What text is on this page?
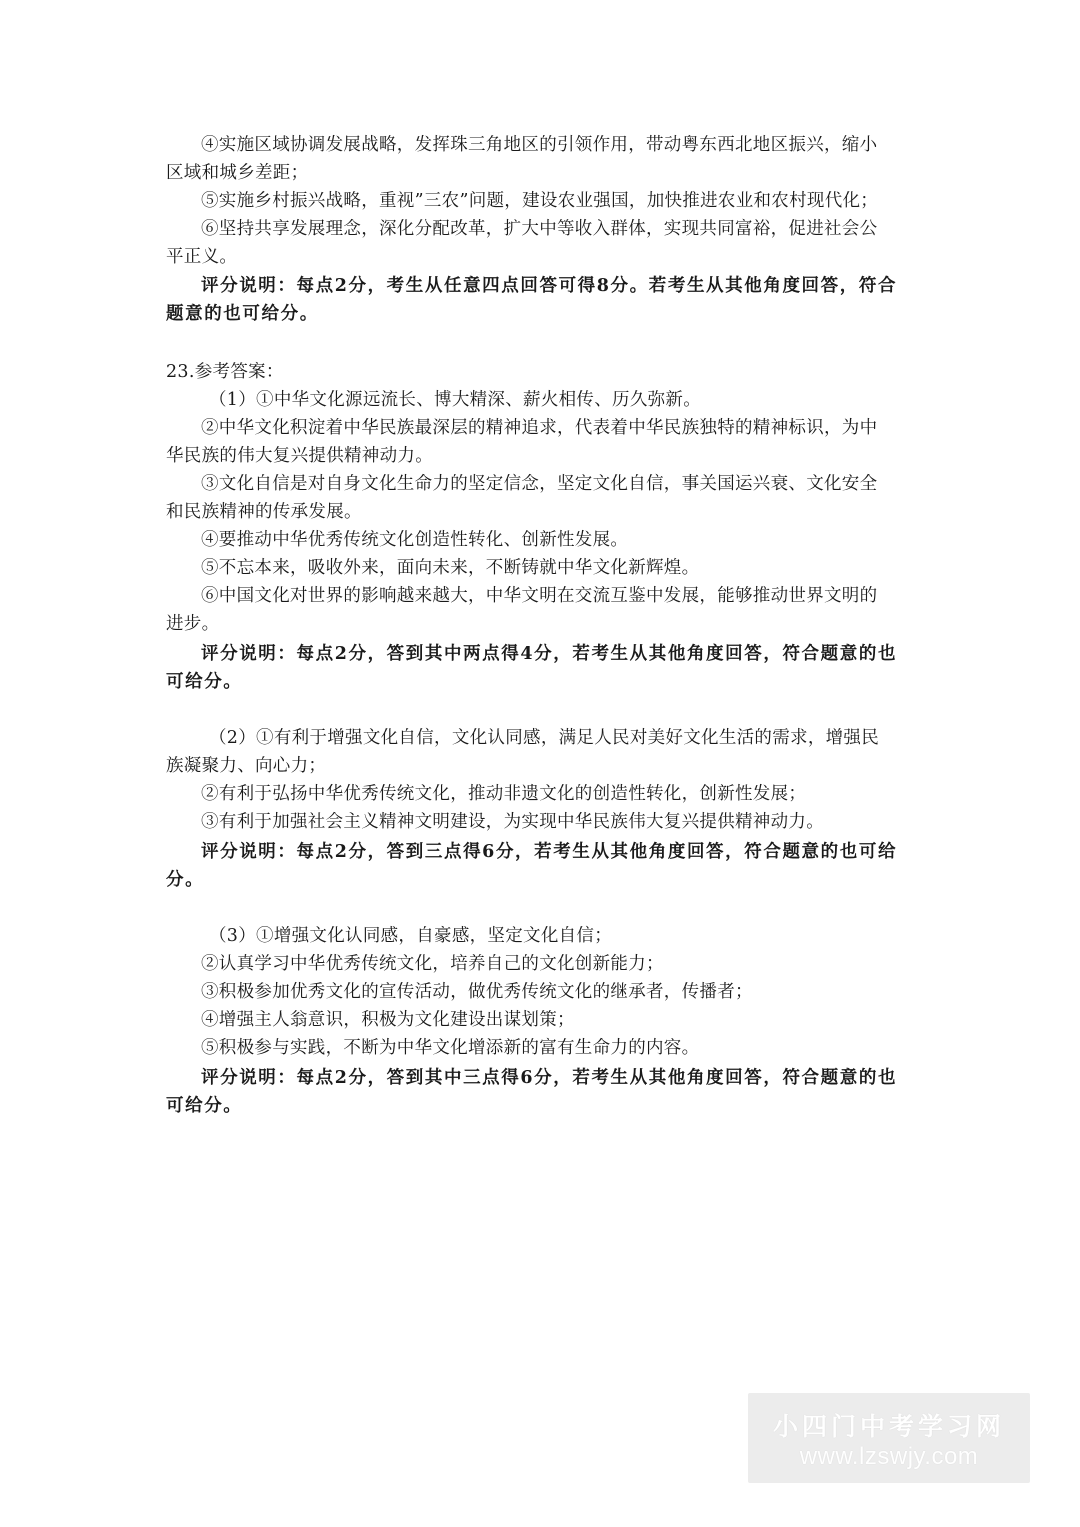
④实施区域协调发展战略，发挥珠三角地区的引领作用，带动粤东西北地区振兴，缩小
区域和城乡差距；
⑤实施乡村振兴战略，重视”三农”问题，建设农业强国，加快推进农业和农村现代化；
⑥坚持共享发展理念，深化分配改革，扩大中等收入群体，实现共同富裕，促进社会公
平正义。
评分说明：每点2分，考生从任意四点回答可得8分。若考生从其他角度回答，符合
题意的也可给分。
23.参考答案：
（1）①中华文化源远流长、博大精深、薪火相传、历久弥新。
②中华文化积淀着中华民族最深层的精神追求，代表着中华民族独特的精神标识，为中
华民族的伟大复兴提供精神动力。
③文化自信是对自身文化生命力的坚定信念，坚定文化自信，事关国运兴衰、文化安全
和民族精神的传承发展。
④要推动中华优秀传统文化创造性转化、创新性发展。
⑤不忘本来，吸收外来，面向未来，不断铸就中华文化新辉煌。
⑥中国文化对世界的影响越来越大，中华文明在交流互鉴中发展，能够推动世界文明的
进步。
评分说明：每点2分，答到其中两点得4分，若考生从其他角度回答，符合题意的也
可给分。
（2）①有利于增强文化自信，文化认同感，满足人民对美好文化生活的需求，增强民
族凝聚力、向心力；
②有利于弘扬中华优秀传统文化，推动非遗文化的创造性转化，创新性发展；
③有利于加强社会主义精神文明建设，为实现中华民族伟大复兴提供精神动力。
评分说明：每点2分，答到三点得6分，若考生从其他角度回答，符合题意的也可给
分。
（3）①增强文化认同感，自豪感，坚定文化自信；
②认真学习中华优秀传统文化，培养自己的文化创新能力；
③积极参加优秀文化的宣传活动，做优秀传统文化的继承者，传播者；
④增强主人翁意识，积极为文化建设出谋划策；
⑤积极参与实践，不断为中华文化增添新的富有生命力的内容。
评分说明：每点2分，答到其中三点得6分，若考生从其他角度回答，符合题意的也
可给分。
小四门中考学习网
www.lzswjy.com
